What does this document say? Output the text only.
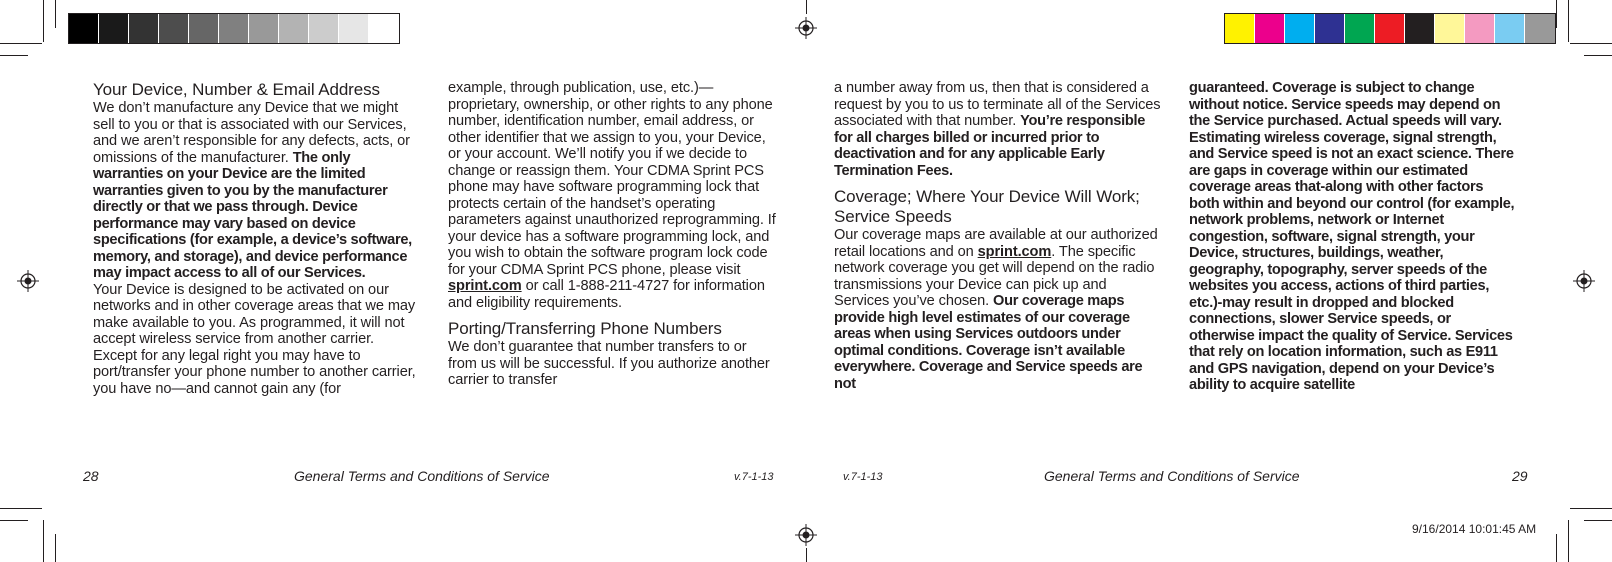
Your Device, Number & Email Address

We don’t manufacture any Device that we might sell to you or that is associated with our Services, and we aren’t responsible for any defects, acts, or omissions of the manufacturer. The only warranties on your Device are the limited warranties given to you by the manufacturer directly or that we pass through. Device performance may vary based on device specifications (for example, a device’s software, memory, and storage), and device performance may impact access to all of our Services.

Your Device is designed to be activated on our networks and in other coverage areas that we may make available to you. As programmed, it will not accept wireless service from another carrier. Except for any legal right you may have to port/transfer your phone number to another carrier, you have no—and cannot gain any (for

example, through publication, use, etc.)—proprietary, ownership, or other rights to any phone number, identification number, email address, or other identifier that we assign to you, your Device, or your account. We’ll notify you if we decide to change or reassign them. Your CDMA Sprint PCS phone may have software programming lock that protects certain of the handset’s operating parameters against unauthorized reprogramming. If your device has a software programming lock, and you wish to obtain the software program lock code for your CDMA Sprint PCS phone, please visit sprint.com or call 1-888-211-4727 for information and eligibility requirements.

Porting/Transferring Phone Numbers

We don’t guarantee that number transfers to or from us will be successful. If you authorize another carrier to transfer

a number away from us, then that is considered a request by you to us to terminate all of the Services associated with that number. You’re responsible for all charges billed or incurred prior to deactivation and for any applicable Early Termination Fees.

Coverage; Where Your Device Will Work; Service Speeds

Our coverage maps are available at our authorized retail locations and on sprint.com. The specific network coverage you get will depend on the radio transmissions your Device can pick up and Services you’ve chosen. Our coverage maps provide high level estimates of our coverage areas when using Services outdoors under optimal conditions. Coverage isn’t available everywhere. Coverage and Service speeds are not

guaranteed. Coverage is subject to change without notice. Service speeds may depend on the Service purchased. Actual speeds will vary. Estimating wireless coverage, signal strength, and Service speed is not an exact science. There are gaps in coverage within our estimated coverage areas that-along with other factors both within and beyond our control (for example, network problems, network or Internet congestion, software, signal strength, your Device, structures, buildings, weather, geography, topography, server speeds of the websites you access, actions of third parties, etc.)-may result in dropped and blocked connections, slower Service speeds, or otherwise impact the quality of Service. Services that rely on location information, such as E911 and GPS navigation, depend on your Device’s ability to acquire satellite

28	General Terms and Conditions of Service	v.7-1-13	v.7-1-13	General Terms and Conditions of Service	29
9/16/2014 10:01:45 AM
